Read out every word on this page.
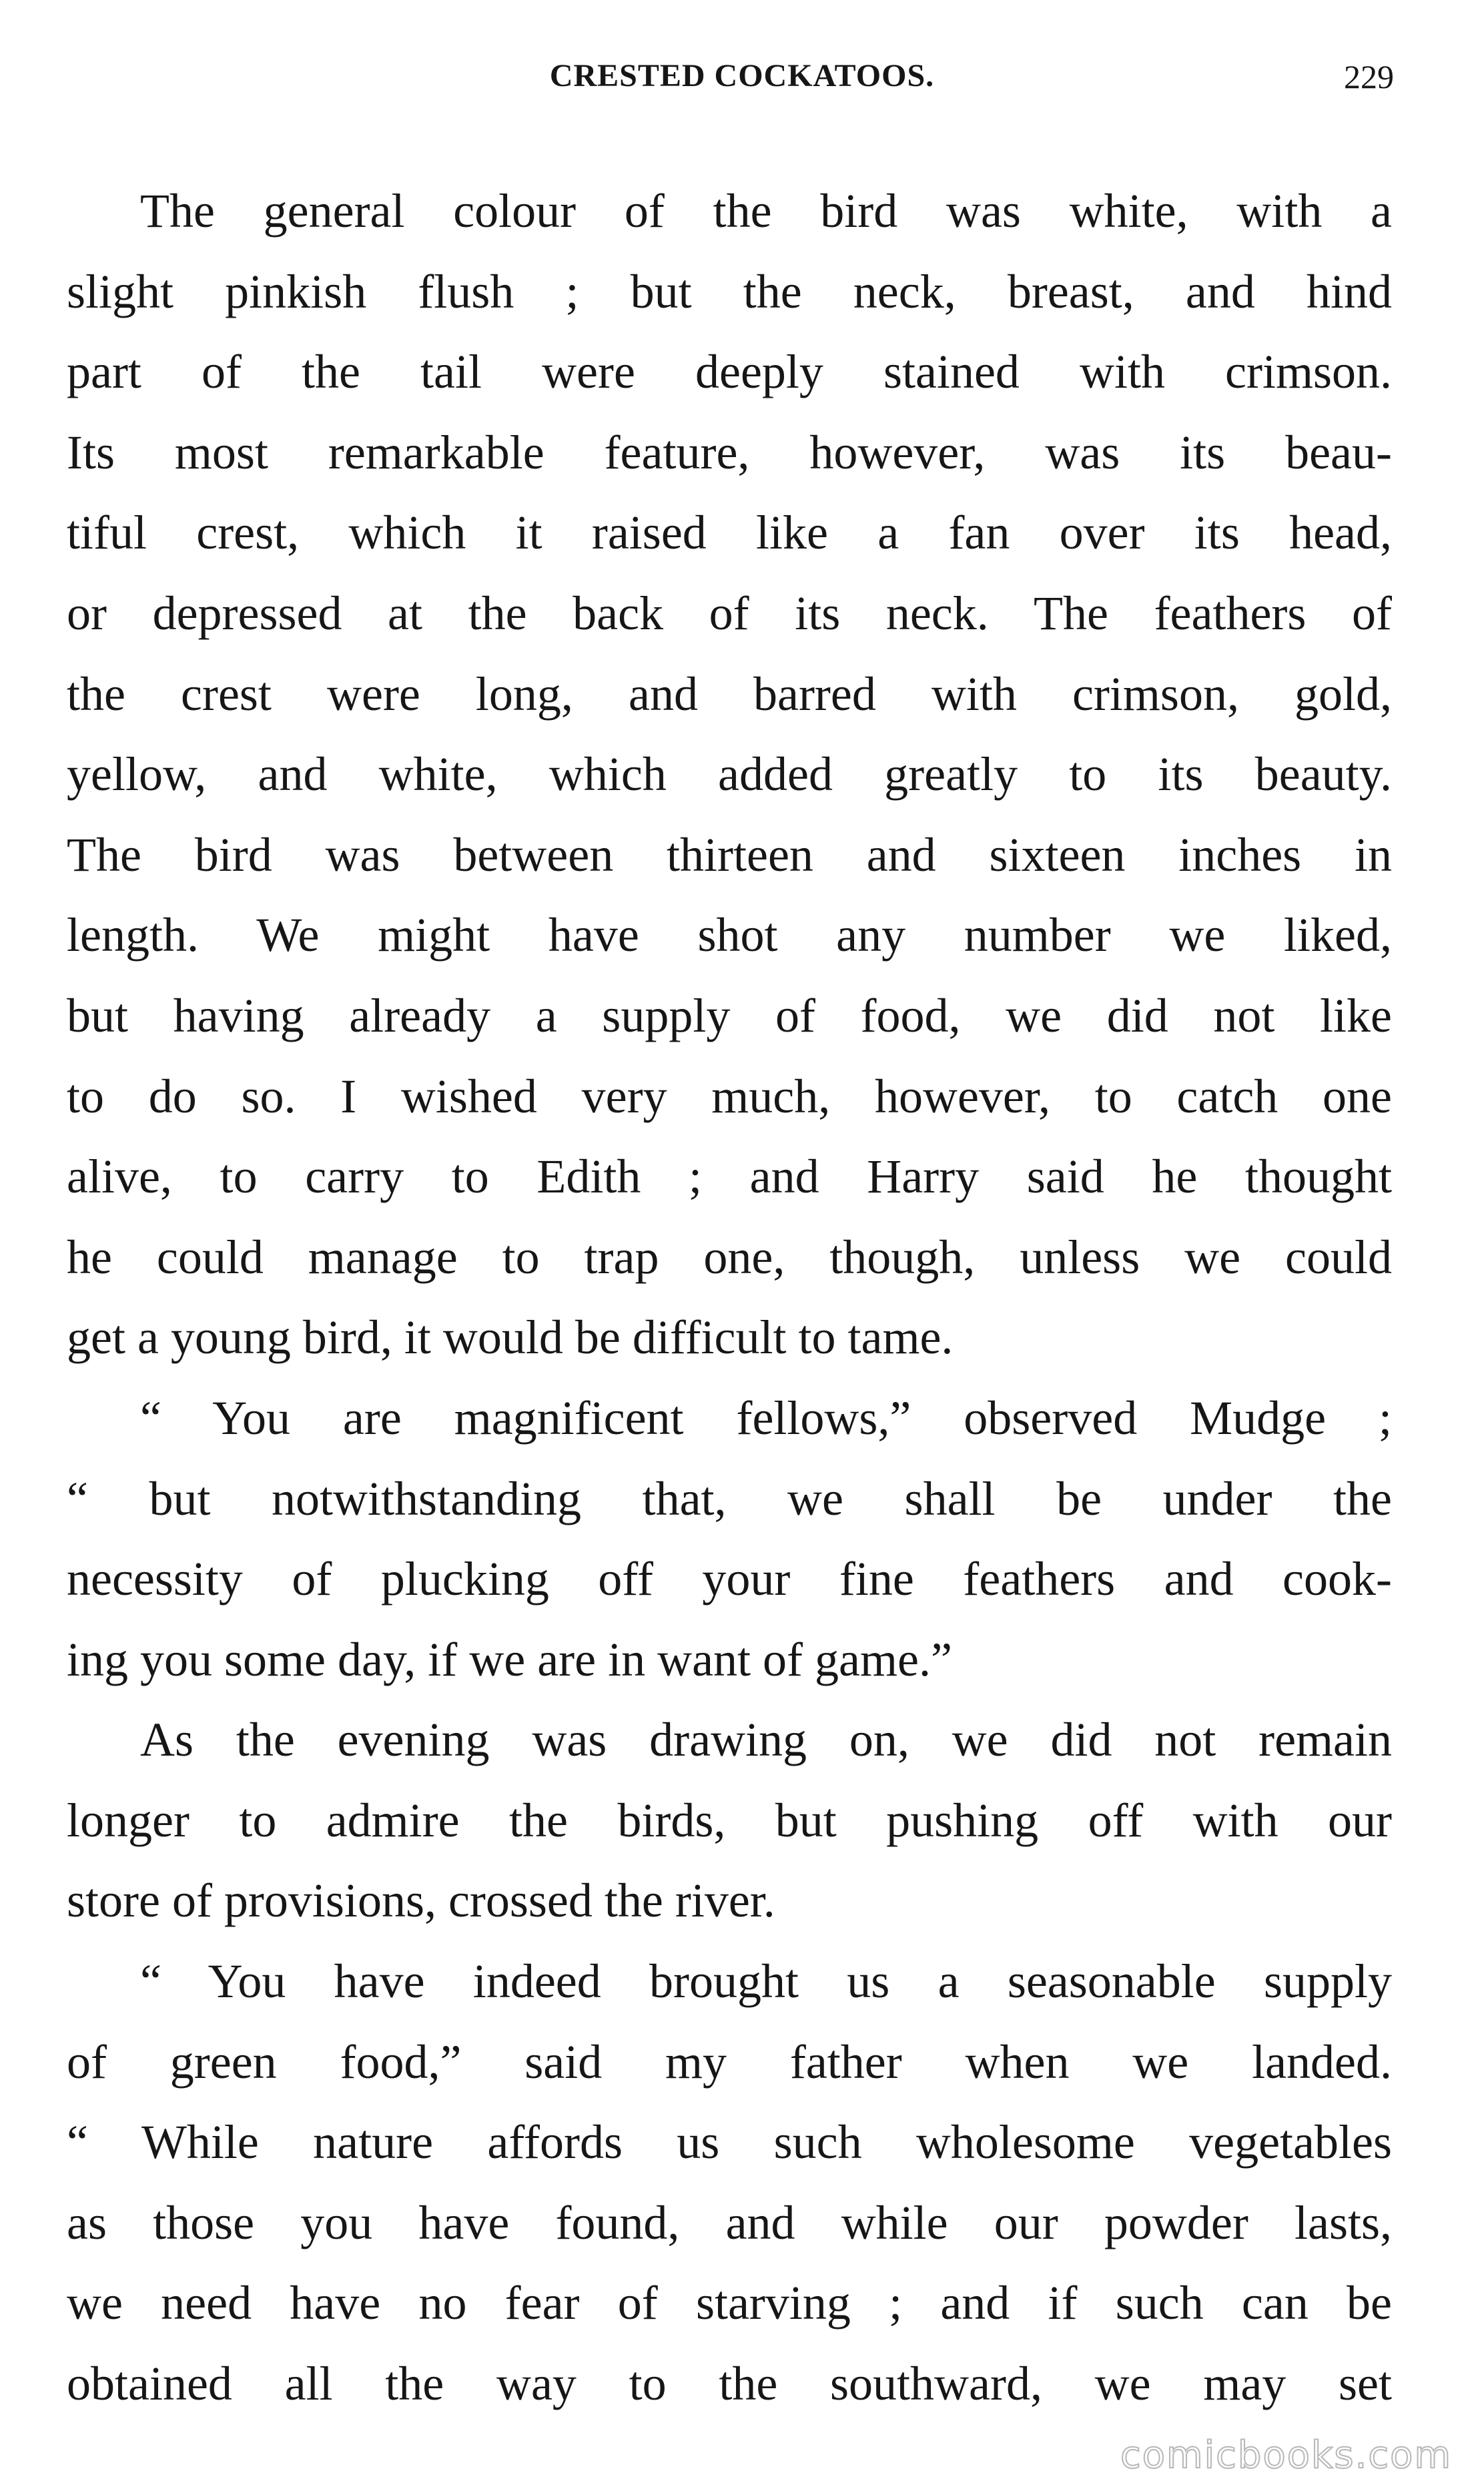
CRESTED COCKATOOS.	229
The general colour of the bird was white, with a
slight pinkish flush ; but the neck, breast, and hind
part of the tail were deeply stained with crimson.
Its most remarkable feature, however, was its beau-
tiful crest, which it raised like a fan over its head,
or depressed at the back of its neck. The feathers of
the crest were long, and barred with crimson, gold,
yellow, and white, which added greatly to its beauty.
The bird was between thirteen and sixteen inches in
length. We might have shot any number we liked,
but having already a supply of food, we did not like
to do so. I wished very much, however, to catch one
alive, to carry to Edith ; and Harry said he thought
he could manage to trap one, though, unless we could
get a young bird, it would be difficult to tame.
“ You are magnificent fellows,” observed Mudge ;
“ but notwithstanding that, we shall be under the
necessity of plucking off your fine feathers and cook-
ing you some day, if we are in want of game.”
As the evening was drawing on, we did not remain
longer to admire the birds, but pushing off with our
store of provisions, crossed the river.
“ You have indeed brought us a seasonable supply
of green food,” said my father when we landed.
“ While nature affords us such wholesome vegetables
as those you have found, and while our powder lasts,
we need have no fear of starving ; and if such can be
obtained all the way to the southward, we may set
comicbooks.com
